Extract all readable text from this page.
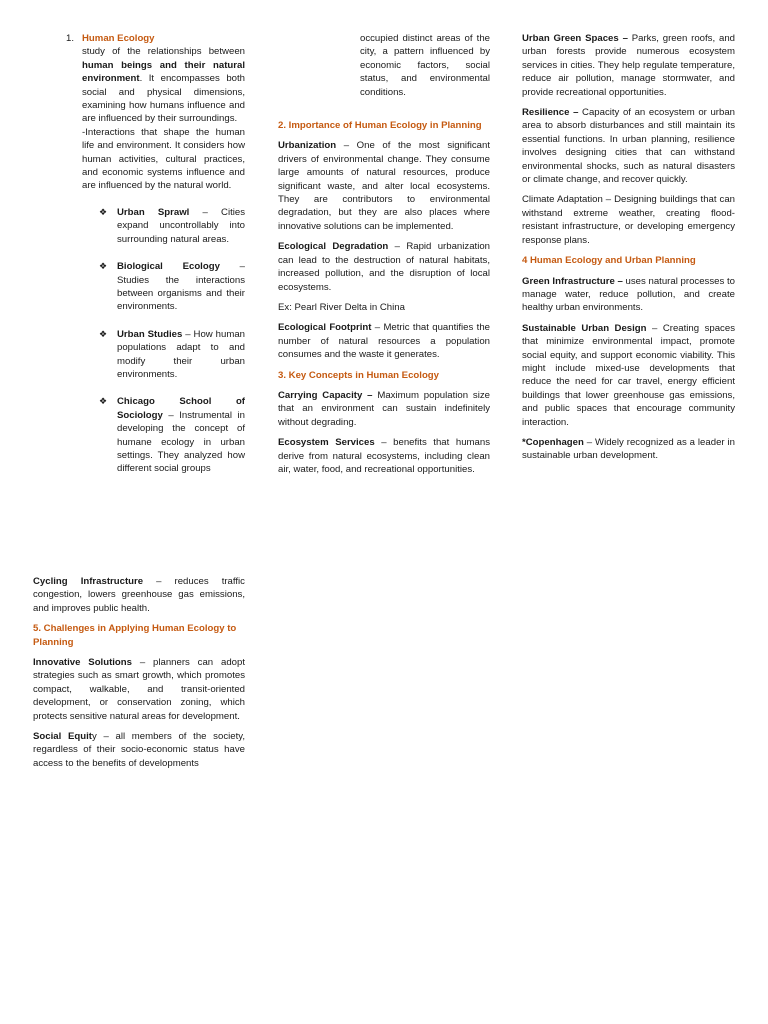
1. Human Ecology

study of the relationships between human beings and their natural environment. It encompasses both social and physical dimensions, examining how humans influence and are influenced by their surroundings.

-Interactions that shape the human life and environment. It considers how human activities, cultural practices, and economic systems influence and are influenced by the natural world.

❖ Urban Sprawl – Cities expand uncontrollably into surrounding natural areas.
❖ Biological Ecology – Studies the interactions between organisms and their environments.
❖ Urban Studies – How human populations adapt to and modify their urban environments.
❖ Chicago School of Sociology – Instrumental in developing the concept of humane ecology in urban settings. They analyzed how different social groups

occupied distinct areas of the city, a pattern influenced by economic factors, social status, and environmental conditions.

2. Importance of Human Ecology in Planning

Urbanization – One of the most significant drivers of environmental change. They consume large amounts of natural resources, produce significant waste, and alter local ecosystems. They are contributors to environmental degradation, but they are also places where innovative solutions can be implemented.

Ecological Degradation – Rapid urbanization can lead to the destruction of natural habitats, increased pollution, and the disruption of local ecosystems.

Ex: Pearl River Delta in China

Ecological Footprint – Metric that quantifies the number of natural resources a population consumes and the waste it generates.

3. Key Concepts in Human Ecology

Carrying Capacity – Maximum population size that an environment can sustain indefinitely without degrading.

Ecosystem Services – benefits that humans derive from natural ecosystems, including clean air, water, food, and recreational opportunities.

Urban Green Spaces – Parks, green roofs, and urban forests provide numerous ecosystem services in cities. They help regulate temperature, reduce air pollution, manage stormwater, and provide recreational opportunities.

Resilience – Capacity of an ecosystem or urban area to absorb disturbances and still maintain its essential functions. In urban planning, resilience involves designing cities that can withstand environmental shocks, such as natural disasters or climate change, and recover quickly.

Climate Adaptation – Designing buildings that can withstand extreme weather, creating flood-resistant infrastructure, or developing emergency response plans.

4 Human Ecology and Urban Planning

Green Infrastructure – uses natural processes to manage water, reduce pollution, and create healthy urban environments.

Sustainable Urban Design – Creating spaces that minimize environmental impact, promote social equity, and support economic viability. This might include mixed-use developments that reduce the need for car travel, energy efficient buildings that lower greenhouse gas emissions, and public spaces that encourage community interaction.

*Copenhagen – Widely recognized as a leader in sustainable urban development.

Cycling Infrastructure – reduces traffic congestion, lowers greenhouse gas emissions, and improves public health.

5. Challenges in Applying Human Ecology to Planning

Innovative Solutions – planners can adopt strategies such as smart growth, which promotes compact, walkable, and transit-oriented development, or conservation zoning, which protects sensitive natural areas for development.

Social Equity – all members of the society, regardless of their socio-economic status have access to the benefits of developments
